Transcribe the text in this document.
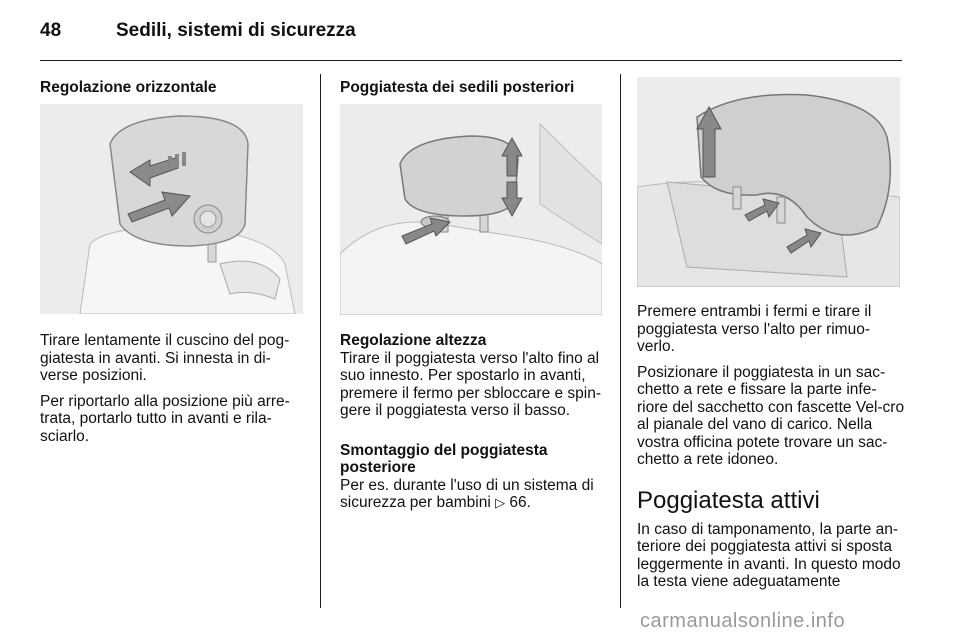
48	Sedili, sistemi di sicurezza
Regolazione orizzontale

Tirare lentamente il cuscino del pog-giatesta in avanti. Si innesta in di-verse posizioni.

Per riportarlo alla posizione più arre-trata, portarlo tutto in avanti e rila-sciarlo.

Poggiatesta dei sedili posteriori
Regolazione altezza

Tirare il poggiatesta verso l'alto fino al suo innesto. Per spostarlo in avanti, premere il fermo per sbloccare e spin-gere il poggiatesta verso il basso.

Smontaggio del poggiatesta
posteriore

Per es. durante l'uso di un sistema di sicurezza per bambini ▷ 66.

Premere entrambi i fermi e tirare il poggiatesta verso l'alto per rimuo-verlo.

Posizionare il poggiatesta in un sac-chetto a rete e fissare la parte infe-riore del sacchetto con fascette Vel-cro al pianale del vano di carico. Nella vostra officina potete trovare un sac-chetto a rete idoneo.

Poggiatesta attivi

In caso di tamponamento, la parte an-teriore dei poggiatesta attivi si sposta leggermente in avanti. In questo modo la testa viene adeguatamente

carmanualsonline.info
